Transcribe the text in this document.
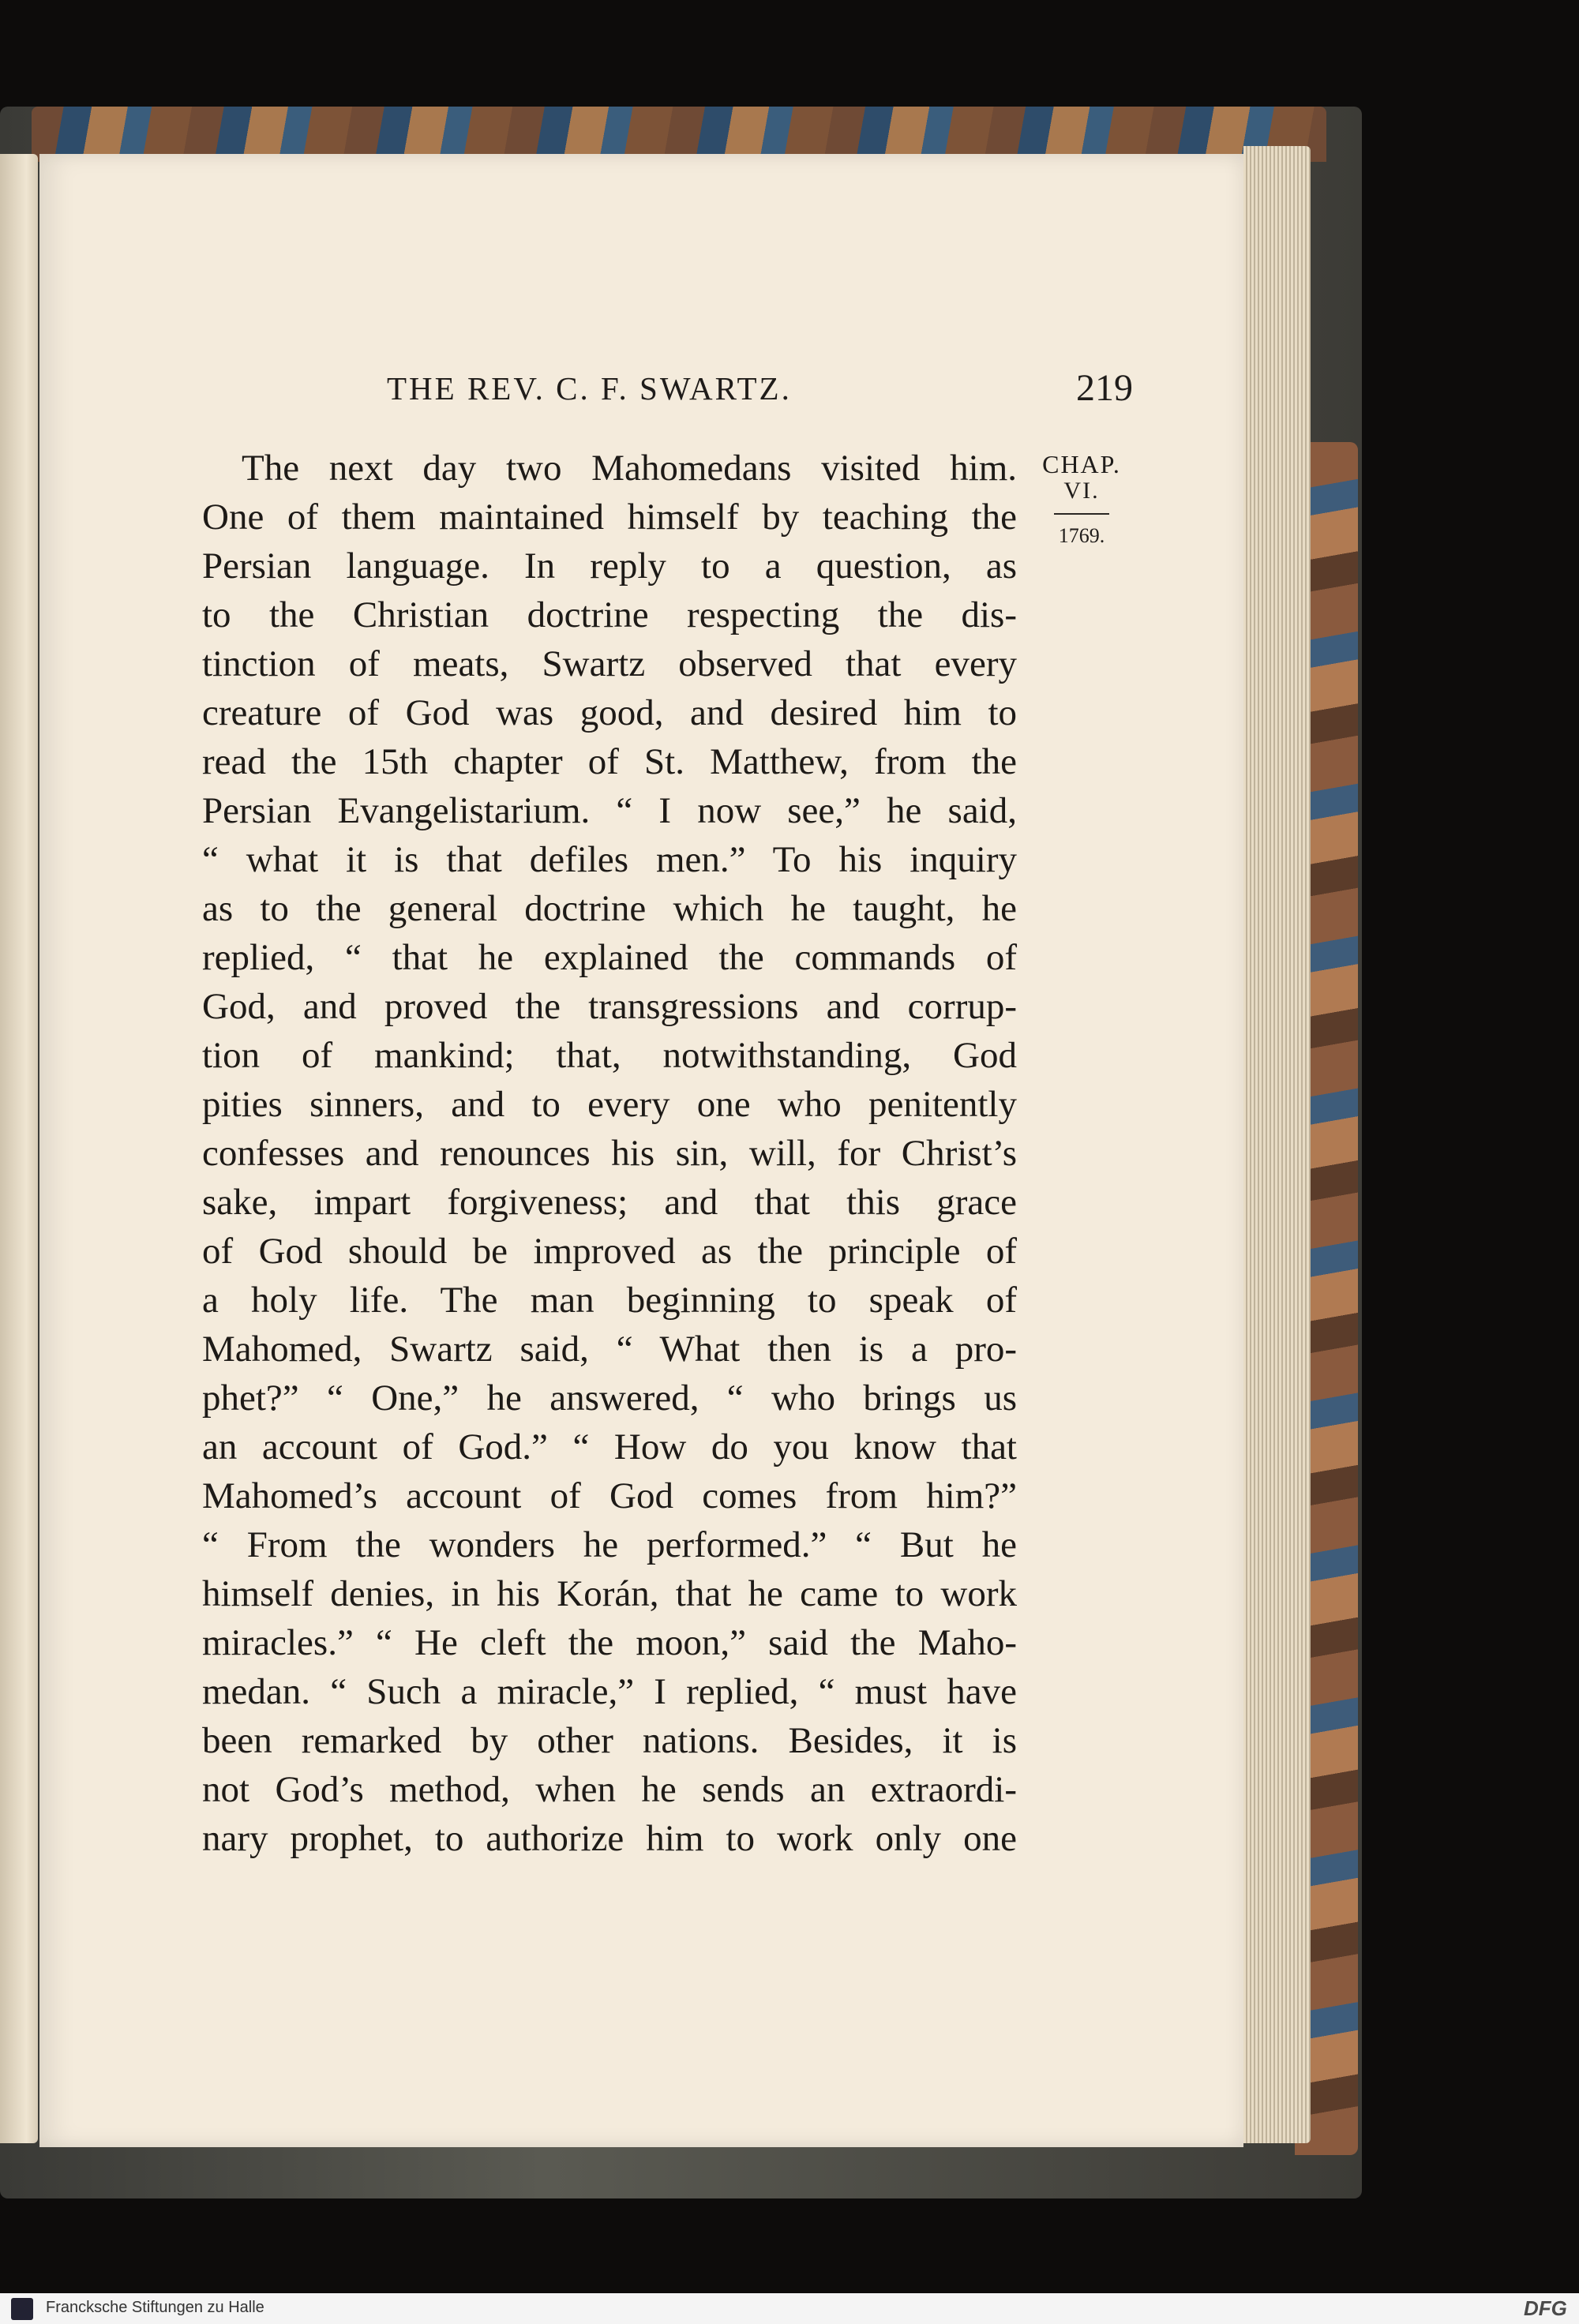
THE REV. C. F. SWARTZ.	219
CHAP.
VI.
1769.
The next day two Mahomedans visited him.
One of them maintained himself by teaching the
Persian language. In reply to a question, as
to the Christian doctrine respecting the dis-
tinction of meats, Swartz observed that every
creature of God was good, and desired him to
read the 15th chapter of St. Matthew, from the
Persian Evangelistarium. “ I now see,” he said,
“ what it is that defiles men.” To his inquiry
as to the general doctrine which he taught, he
replied, “ that he explained the commands of
God, and proved the transgressions and corrup-
tion of mankind; that, notwithstanding, God
pities sinners, and to every one who penitently
confesses and renounces his sin, will, for Christ’s
sake, impart forgiveness; and that this grace
of God should be improved as the principle of
a holy life. The man beginning to speak of
Mahomed, Swartz said, “ What then is a pro-
phet?” “ One,” he answered, “ who brings us
an account of God.” “ How do you know that
Mahomed’s account of God comes from him?”
“ From the wonders he performed.” “ But he
himself denies, in his Korán, that he came to work
miracles.” “ He cleft the moon,” said the Maho-
medan. “ Such a miracle,” I replied, “ must have
been remarked by other nations. Besides, it is
not God’s method, when he sends an extraordi-
nary prophet, to authorize him to work only one
Francksche Stiftungen zu Halle	DFG
